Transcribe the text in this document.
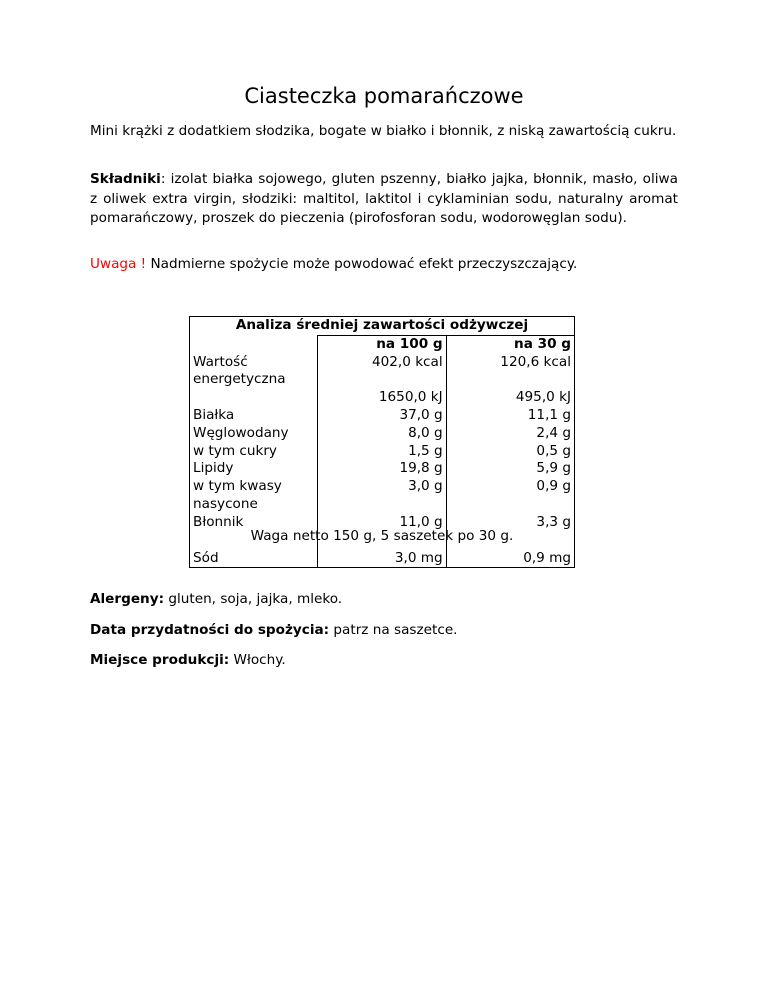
Ciasteczka pomarańczowe

Mini krążki z dodatkiem słodzika, bogate w białko i błonnik, z niską zawartością cukru.

Składniki: izolat białka sojowego, gluten pszenny, białko jajka, błonnik, masło, oliwa z oliwek extra virgin, słodziki: maltitol, laktitol i cyklaminian sodu, naturalny aromat pomarańczowy, proszek do pieczenia (pirofosforan sodu, wodorowęglan sodu).

Uwaga ! Nadmierne spożycie może powodować efekt przeczyszczający.

Analiza średniej zawartości odżywczej		
	na 100 g	na 30 g
Wartość energetyczna	402,0 kcal	120,6 kcal
	1650,0 kJ	495,0 kJ
Białka	37,0 g	11,1 g
Węglowodany	8,0 g	2,4 g
w tym cukry	1,5 g	0,5 g
Lipidy	19,8 g	5,9 g
w tym kwasy nasycone	3,0 g	0,9 g
Błonnik	11,0 g	3,3 g
Sód	3,0 mg	0,9 mg
Waga netto 150 g, 5 saszetek po 30 g.

Alergeny: gluten, soja, jajka, mleko.

Data przydatności do spożycia: patrz na saszetce.

Miejsce produkcji: Włochy.
